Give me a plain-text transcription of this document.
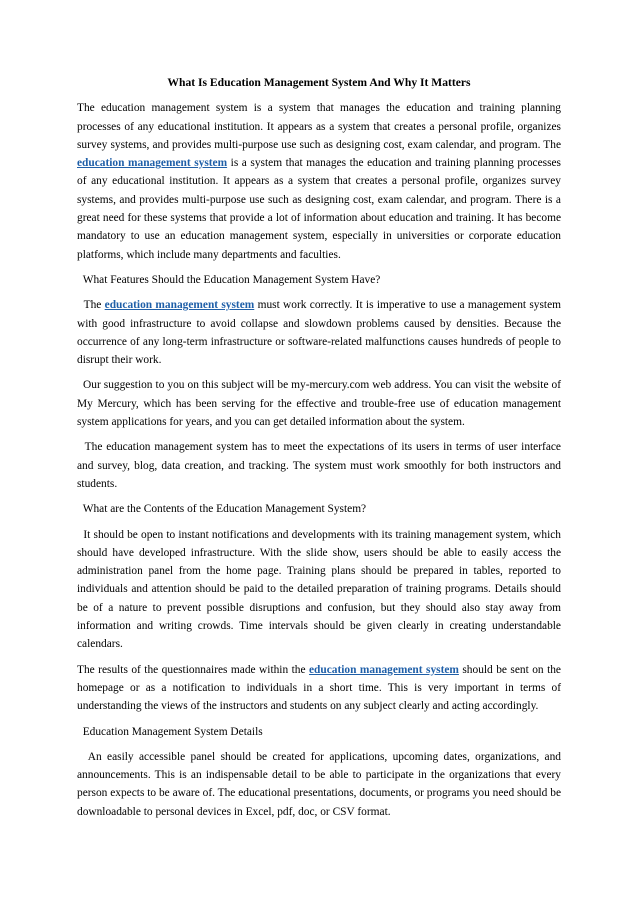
What Is Education Management System And Why It Matters

The education management system is a system that manages the education and training planning processes of any educational institution. It appears as a system that creates a personal profile, organizes survey systems, and provides multi-purpose use such as designing cost, exam calendar, and program. The education management system is a system that manages the education and training planning processes of any educational institution. It appears as a system that creates a personal profile, organizes survey systems, and provides multi-purpose use such as designing cost, exam calendar, and program. There is a great need for these systems that provide a lot of information about education and training. It has become mandatory to use an education management system, especially in universities or corporate education platforms, which include many departments and faculties.

What Features Should the Education Management System Have?

The education management system must work correctly. It is imperative to use a management system with good infrastructure to avoid collapse and slowdown problems caused by densities. Because the occurrence of any long-term infrastructure or software-related malfunctions causes hundreds of people to disrupt their work.

Our suggestion to you on this subject will be my-mercury.com web address. You can visit the website of My Mercury, which has been serving for the effective and trouble-free use of education management system applications for years, and you can get detailed information about the system.

The education management system has to meet the expectations of its users in terms of user interface and survey, blog, data creation, and tracking. The system must work smoothly for both instructors and students.

What are the Contents of the Education Management System?

It should be open to instant notifications and developments with its training management system, which should have developed infrastructure. With the slide show, users should be able to easily access the administration panel from the home page. Training plans should be prepared in tables, reported to individuals and attention should be paid to the detailed preparation of training programs. Details should be of a nature to prevent possible disruptions and confusion, but they should also stay away from information and writing crowds. Time intervals should be given clearly in creating understandable calendars.

The results of the questionnaires made within the education management system should be sent on the homepage or as a notification to individuals in a short time. This is very important in terms of understanding the views of the instructors and students on any subject clearly and acting accordingly.

Education Management System Details

An easily accessible panel should be created for applications, upcoming dates, organizations, and announcements. This is an indispensable detail to be able to participate in the organizations that every person expects to be aware of. The educational presentations, documents, or programs you need should be downloadable to personal devices in Excel, pdf, doc, or CSV format.
